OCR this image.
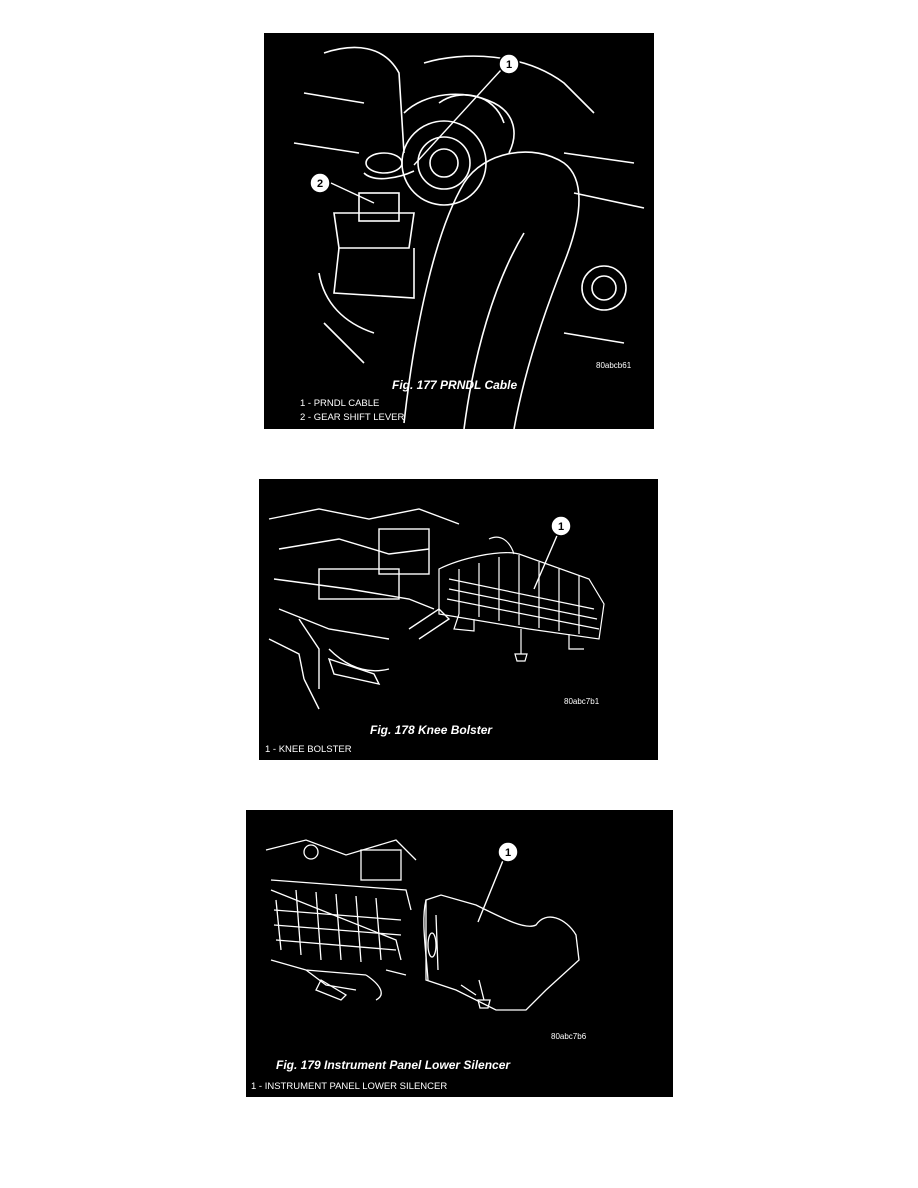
1
2
80abcb61
Fig. 177 PRNDL Cable
1 - PRNDL CABLE
2 - GEAR SHIFT LEVER
1
80abc7b1
Fig. 178 Knee Bolster
1 - KNEE BOLSTER
1
80abc7b6
Fig. 179 Instrument Panel Lower Silencer
1 - INSTRUMENT PANEL LOWER SILENCER
